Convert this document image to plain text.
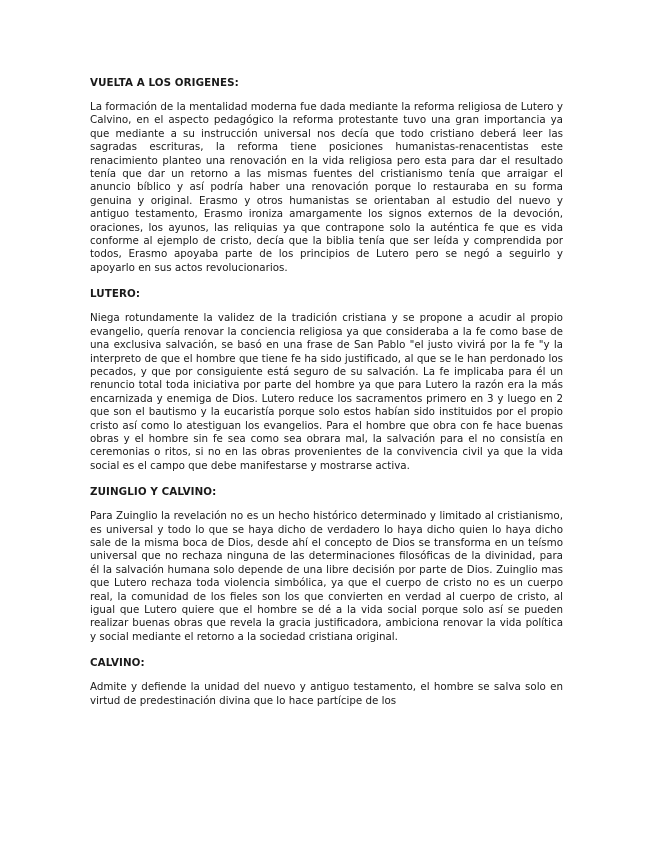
VUELTA A LOS ORIGENES:

La formación de la mentalidad moderna fue dada mediante la reforma religiosa de Lutero y Calvino, en el aspecto pedagógico la reforma protestante tuvo una gran importancia ya que mediante a su instrucción universal nos decía que todo cristiano deberá leer las sagradas escrituras, la reforma tiene posiciones humanistas-renacentistas este renacimiento planteo una renovación en la vida religiosa pero esta para dar el resultado tenía que dar un retorno a las mismas fuentes del cristianismo tenía que arraigar el anuncio bíblico y así podría haber una renovación porque lo restauraba en su forma genuina y original. Erasmo y otros humanistas se orientaban al estudio del nuevo y antiguo testamento, Erasmo ironiza amargamente los signos externos de la devoción, oraciones, los ayunos, las reliquias ya que contrapone solo la auténtica fe que es vida conforme al ejemplo de cristo, decía que la biblia tenía que ser leída y comprendida por todos, Erasmo apoyaba parte de los principios de Lutero pero se negó a seguirlo y apoyarlo en sus actos revolucionarios.

LUTERO:

Niega rotundamente la validez de la tradición cristiana y se propone a acudir al propio evangelio, quería renovar la conciencia religiosa ya que consideraba a la fe como base de una exclusiva salvación, se basó en una frase de San Pablo "el justo vivirá por la fe "y la interpreto de que el hombre que tiene fe ha sido justificado, al que se le han perdonado los pecados, y que por consiguiente está seguro de su salvación. La fe implicaba para él un renuncio total toda iniciativa por parte del hombre ya que para Lutero la razón era la más encarnizada y enemiga de Dios. Lutero reduce los sacramentos primero en 3 y luego en 2 que son el bautismo y la eucaristía porque solo estos habían sido instituidos por el propio cristo así como lo atestiguan los evangelios. Para el hombre que obra con fe hace buenas obras y el hombre sin fe sea como sea obrara mal, la salvación para el no consistía en ceremonias o ritos, si no en las obras provenientes de la convivencia civil ya que la vida social es el campo que debe manifestarse y mostrarse activa.

ZUINGLIO Y CALVINO:

Para Zuinglio la revelación no es un hecho histórico determinado y limitado al cristianismo, es universal y todo lo que se haya dicho de verdadero lo haya dicho quien lo haya dicho sale de la misma boca de Dios, desde ahí el concepto de Dios se transforma en un teísmo universal que no rechaza ninguna de las determinaciones filosóficas de la divinidad, para él la salvación humana solo depende de una libre decisión por parte de Dios. Zuinglio mas que Lutero rechaza toda violencia simbólica, ya que el cuerpo de cristo no es un cuerpo real, la comunidad de los fieles son los que convierten en verdad al cuerpo de cristo, al igual que Lutero quiere que el hombre se dé a la vida social porque solo así se pueden realizar buenas obras que revela la gracia justificadora, ambiciona renovar la vida política y social mediante el retorno a la sociedad cristiana original.

CALVINO:

Admite y defiende la unidad del nuevo y antiguo testamento, el hombre se salva solo en virtud de predestinación divina que lo hace partícipe de los
